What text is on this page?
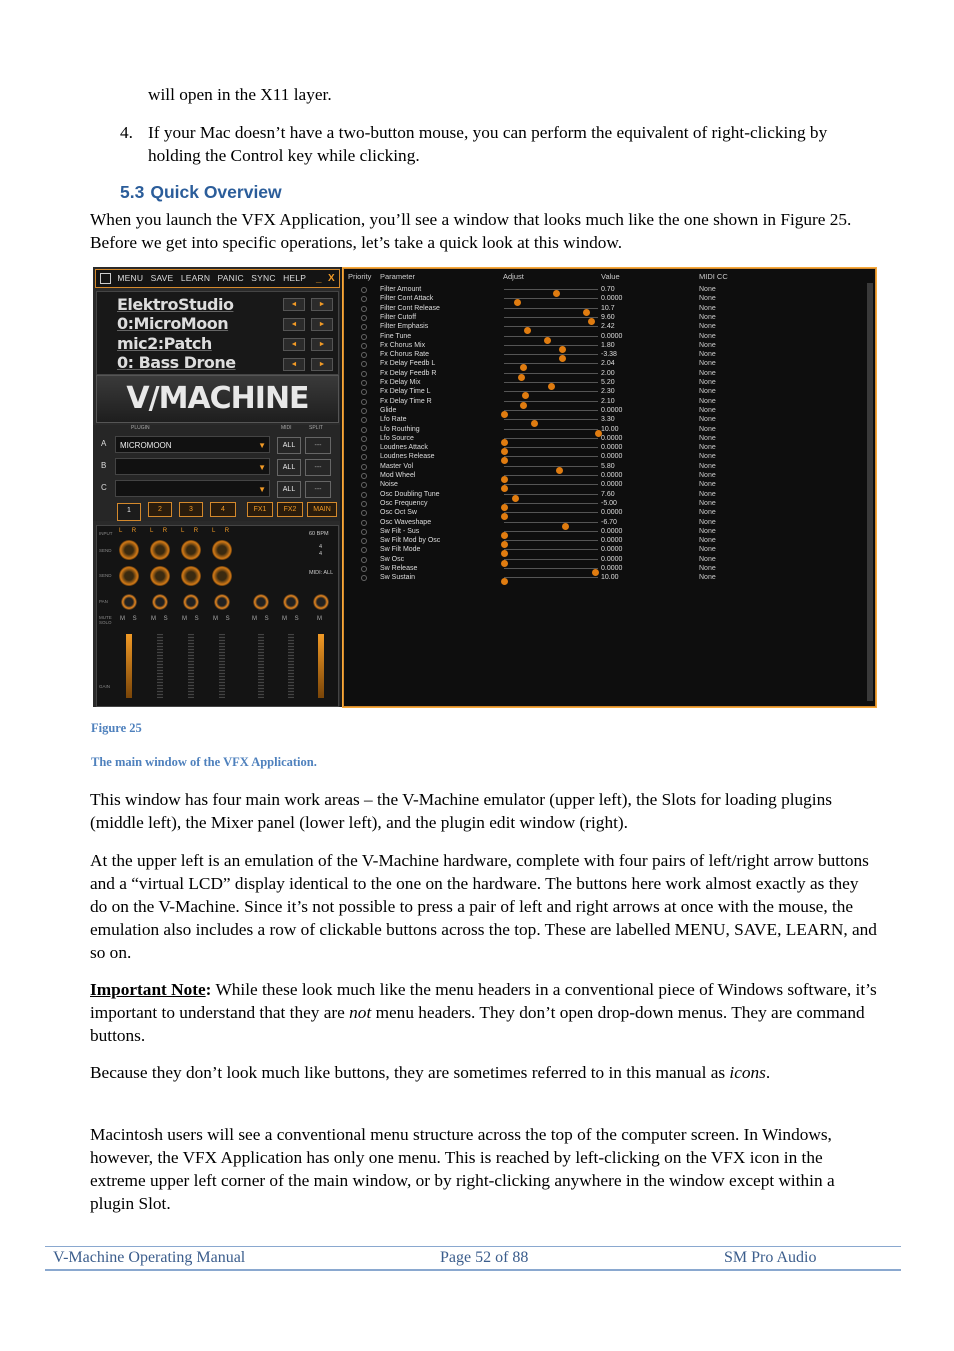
will open in the X11 layer.

4. If your Mac doesn’t have a two-button mouse, you can perform the equivalent of right-clicking by holding the Control key while clicking.

5.3 Quick Overview

When you launch the VFX Application, you’ll see a window that looks much like the one shown in Figure 25. Before we get into specific operations, let’s take a quick look at this window.

MENU SAVE LEARN PANIC SYNC HELP _ X
ElektroStudio
0:MicroMoon
mic2:Patch
0: Bass Drone
◄	►
◄	►
◄	►
◄	►
V/MACHINE
PLUGIN	MIDI	SPLIT
A	MICROMOON	▼	ALL	---
B	▼	ALL	---
C	▼	ALL	---
1	2	3	4	FX1	FX2	MAIN
INPUT
SEND
SEND
PAN
MUTE SOLO
GAIN
L R
M S
L R
M S
L R
M S
L R
M S	M S M S	M
60 BPM
4
4
MIDI: ALL
Priority Parameter	Adjust	Value	MIDI CC
Filter Amount	0.70	None
Filter Cont Attack	0.0000	None
Filter Cont Release	10.7	None
Filter Cutoff	9.60	None
Filter Emphasis	2.42	None
Fine Tune	0.0000	None
Fx Chorus Mix	1.80	None
Fx Chorus Rate	-3.38	None
Fx Delay Feedb L	2.04	None
Fx Delay Feedb R	2.00	None
Fx Delay Mix	5.20	None
Fx Delay Time L	2.30	None
Fx Delay Time R	2.10	None
Glide	0.0000	None
Lfo Rate	3.30	None
Lfo Routhing	10.00	None
Lfo Source	0.0000	None
Loudnes Attack	0.0000	None
Loudnes Release	0.0000	None
Master Vol	5.80	None
Mod Wheel	0.0000	None
Noise	0.0000	None
Osc Doubling Tune	7.60	None
Osc Frequency	-5.00	None
Osc Oct Sw	0.0000	None
Osc Waveshape	-6.70	None
Sw Filt - Sus	0.0000	None
Sw Filt Mod by Osc	0.0000	None
Sw Filt Mode	0.0000	None
Sw Osc	0.0000	None
Sw Release	0.0000	None
Sw Sustain	10.00	None
Figure 25
The main window of the VFX Application.

This window has four main work areas – the V-Machine emulator (upper left), the Slots for loading plugins (middle left), the Mixer panel (lower left), and the plugin edit window (right).

At the upper left is an emulation of the V-Machine hardware, complete with four pairs of left/right arrow buttons and a “virtual LCD” display identical to the one on the hardware. The buttons here work almost exactly as they do on the V-Machine. Since it’s not possible to press a pair of left and right arrows at once with the mouse, the emulation also includes a row of clickable buttons across the top. These are labelled MENU, SAVE, LEARN, and so on.

Important Note: While these look much like the menu headers in a conventional piece of Windows software, it’s important to understand that they are not menu headers. They don’t open drop-down menus. They are command buttons.

Because they don’t look much like buttons, they are sometimes referred to in this manual as icons.

Macintosh users will see a conventional menu structure across the top of the computer screen. In Windows, however, the VFX Application has only one menu. This is reached by left-clicking on the VFX icon in the extreme upper left corner of the main window, or by right-clicking anywhere in the window except within a plugin Slot.

V-Machine Operating Manual	Page 52 of 88	SM Pro Audio
